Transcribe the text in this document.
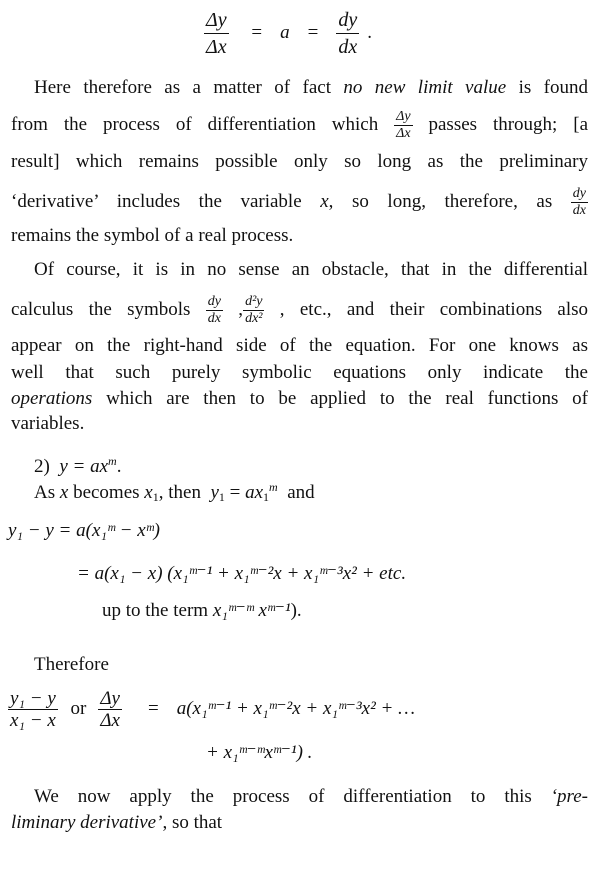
$\frac{\Delta y}{\Delta x} = a = \frac{dy}{dx}$ .
Here therefore as a matter of fact no new limit value is found
from the process of differentiation which $\frac{\Delta y}{\Delta x}$ passes through; [a
result] which remains possible only so long as the preliminary
‘derivative’ includes the variable x, so long, therefore, as $\frac{dy}{dx}$
remains the symbol of a real process.
Of course, it is in no sense an obstacle, that in the differential
calculus the symbols $\frac{dy}{dx}$ , $\frac{\text{d²y}}{\text{dx²}}$ , etc., and their combinations also
appear on the right-hand side of the equation. For one knows as
well that such purely symbolic equations only indicate the
operations which are then to be applied to the real functions of
variables.
2) $y = ax^m$.
As x becomes $x_1$, then  $y_1 = ax_1^m$  and
y₁ − y = a(x₁ᵐ − xᵐ)
= a(x₁ − x) (x₁ᵐ⁻¹ + x₁ᵐ⁻²x + x₁ᵐ⁻³x² + etc.
up to the term x₁ᵐ⁻ᵐ xᵐ⁻¹).
Therefore
$\frac{\text{y₁ − y}}{\text{x₁ − x}}$ or $\frac{\Delta y}{\Delta x}$ = a(x₁ᵐ⁻¹ + x₁ᵐ⁻²x + x₁ᵐ⁻³x² + …
+ x₁ᵐ⁻ᵐxᵐ⁻¹) .
We now apply the process of differentiation to this ‘pre-
liminary derivative’, so that
